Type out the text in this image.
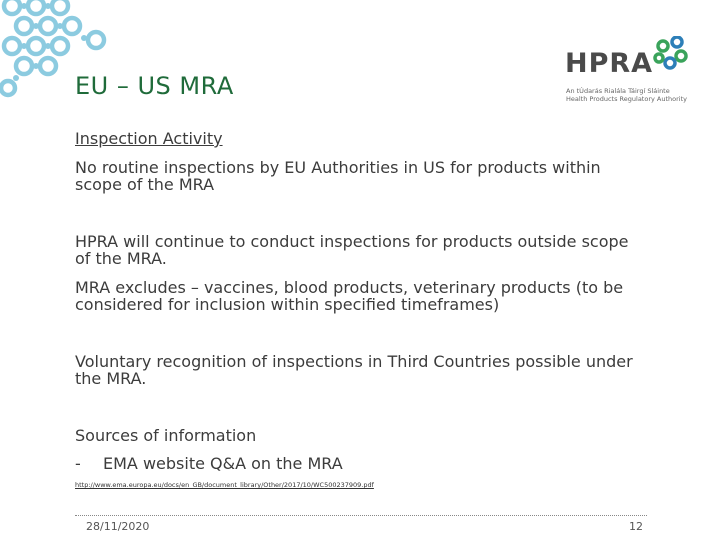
EU – US MRA
HPRA
An tÚdarás Rialála Táirgí Sláinte
Health Products Regulatory Authority

Inspection Activity

No routine inspections by EU Authorities in US for products within scope of the MRA

HPRA will continue to conduct inspections for products outside scope of the MRA.

MRA excludes – vaccines, blood products, veterinary products (to be considered for inclusion within specified timeframes)

Voluntary recognition of inspections in Third Countries possible under the MRA.

Sources of information

- EMA website Q&A on the MRA

http://www.ema.europa.eu/docs/en_GB/document_library/Other/2017/10/WC500237909.pdf
28/11/2020	12
